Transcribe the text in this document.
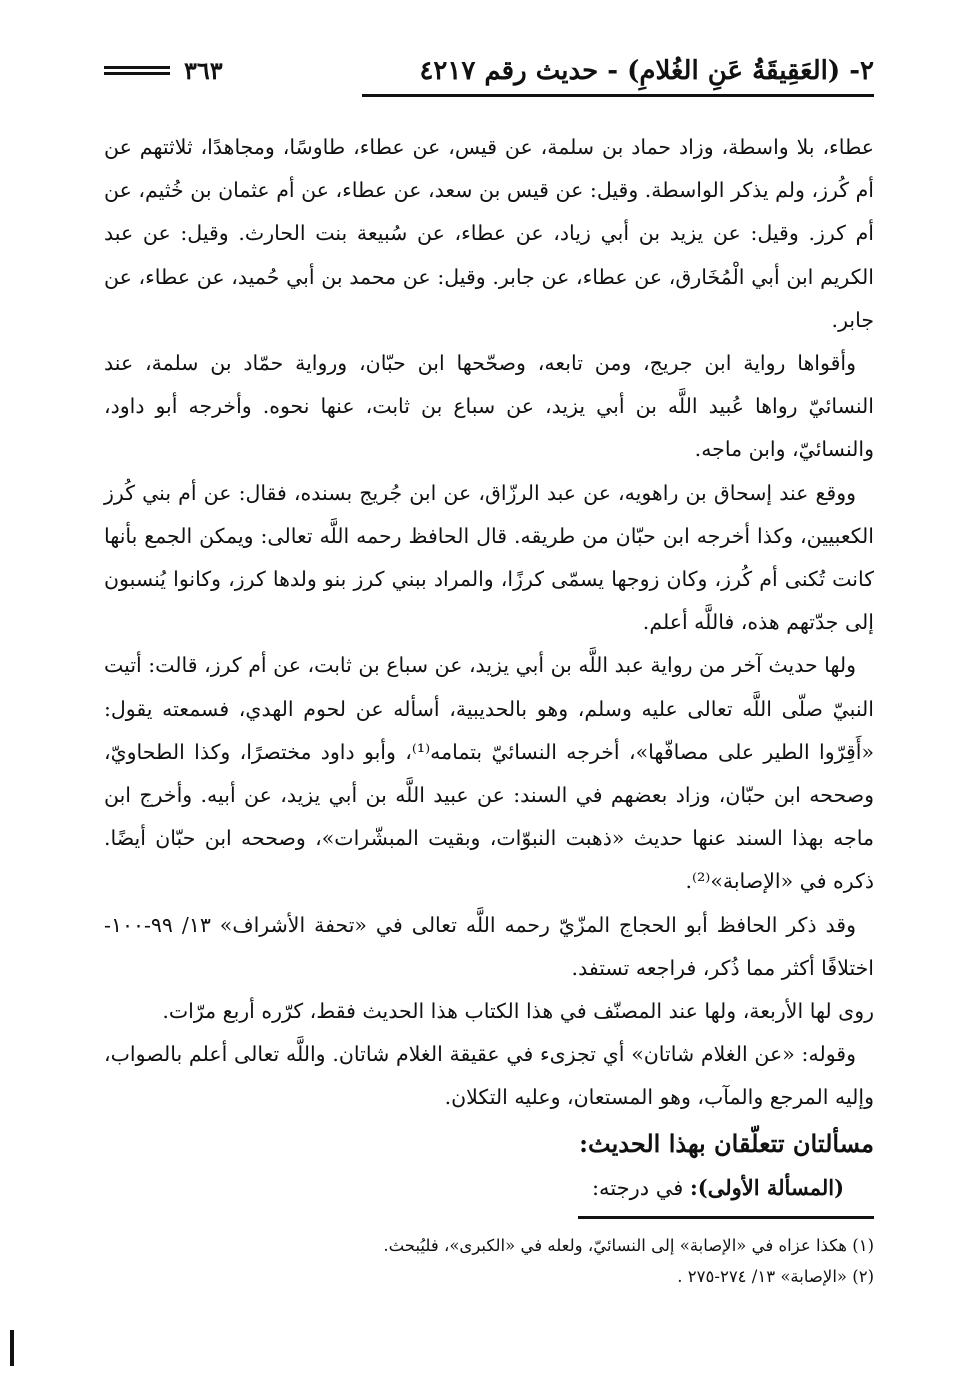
٢- (العَقِيقَةُ عَنِ الغُلامِ) - حديث رقم ٤٢١٧
٣٦٣

عطاء، بلا واسطة، وزاد حماد بن سلمة، عن قيس، عن عطاء، طاوسًا، ومجاهدًا، ثلاثتهم عن أم كُرز، ولم يذكر الواسطة. وقيل: عن قيس بن سعد، عن عطاء، عن أم عثمان بن خُثيم، عن أم كرز. وقيل: عن يزيد بن أبي زياد، عن عطاء، عن سُبيعة بنت الحارث. وقيل: عن عبد الكريم ابن أبي الْمُخَارق، عن عطاء، عن جابر. وقيل: عن محمد بن أبي حُميد، عن عطاء، عن جابر.

وأقواها رواية ابن جريج، ومن تابعه، وصحّحها ابن حبّان، ورواية حمّاد بن سلمة، عند النسائيّ رواها عُبيد اللَّه بن أبي يزيد، عن سباع بن ثابت، عنها نحوه. وأخرجه أبو داود، والنسائيّ، وابن ماجه.

ووقع عند إسحاق بن راهويه، عن عبد الرزّاق، عن ابن جُريج بسنده، فقال: عن أم بني كُرز الكعبيين، وكذا أخرجه ابن حبّان من طريقه. قال الحافظ رحمه اللَّه تعالى: ويمكن الجمع بأنها كانت تُكنى أم كُرز، وكان زوجها يسمّى كرزًا، والمراد ببني كرز بنو ولدها كرز، وكانوا يُنسبون إلى جدّتهم هذه، فاللَّه أعلم.

ولها حديث آخر من رواية عبد اللَّه بن أبي يزيد، عن سباع بن ثابت، عن أم كرز، قالت: أتيت النبيّ صلّى اللَّه تعالى عليه وسلم، وهو بالحديبية، أسأله عن لحوم الهدي، فسمعته يقول: «أَقِرّوا الطير على مصافّها»، أخرجه النسائيّ بتمامه⁽¹⁾، وأبو داود مختصرًا، وكذا الطحاويّ، وصححه ابن حبّان، وزاد بعضهم في السند: عن عبيد اللَّه بن أبي يزيد، عن أبيه. وأخرج ابن ماجه بهذا السند عنها حديث «ذهبت النبوّات، وبقيت المبشّرات»، وصححه ابن حبّان أيضًا. ذكره في «الإصابة»⁽²⁾.

وقد ذكر الحافظ أبو الحجاج المزّيّ رحمه اللَّه تعالى في «تحفة الأشراف» ١٣/ ٩٩-١٠٠- اختلافًا أكثر مما ذُكر، فراجعه تستفد.

روى لها الأربعة، ولها عند المصنّف في هذا الكتاب هذا الحديث فقط، كرّره أربع مرّات.

وقوله: «عن الغلام شاتان» أي تجزىء في عقيقة الغلام شاتان. واللَّه تعالى أعلم بالصواب، وإليه المرجع والمآب، وهو المستعان، وعليه التكلان.

مسألتان تتعلّقان بهذا الحديث:

(المسألة الأولى): في درجته:

(١) هكذا عزاه في «الإصابة» إلى النسائيّ، ولعله في «الكبرى»، فليُبحث.

(٢) «الإصابة» ١٣/ ٢٧٤-٢٧٥ .
